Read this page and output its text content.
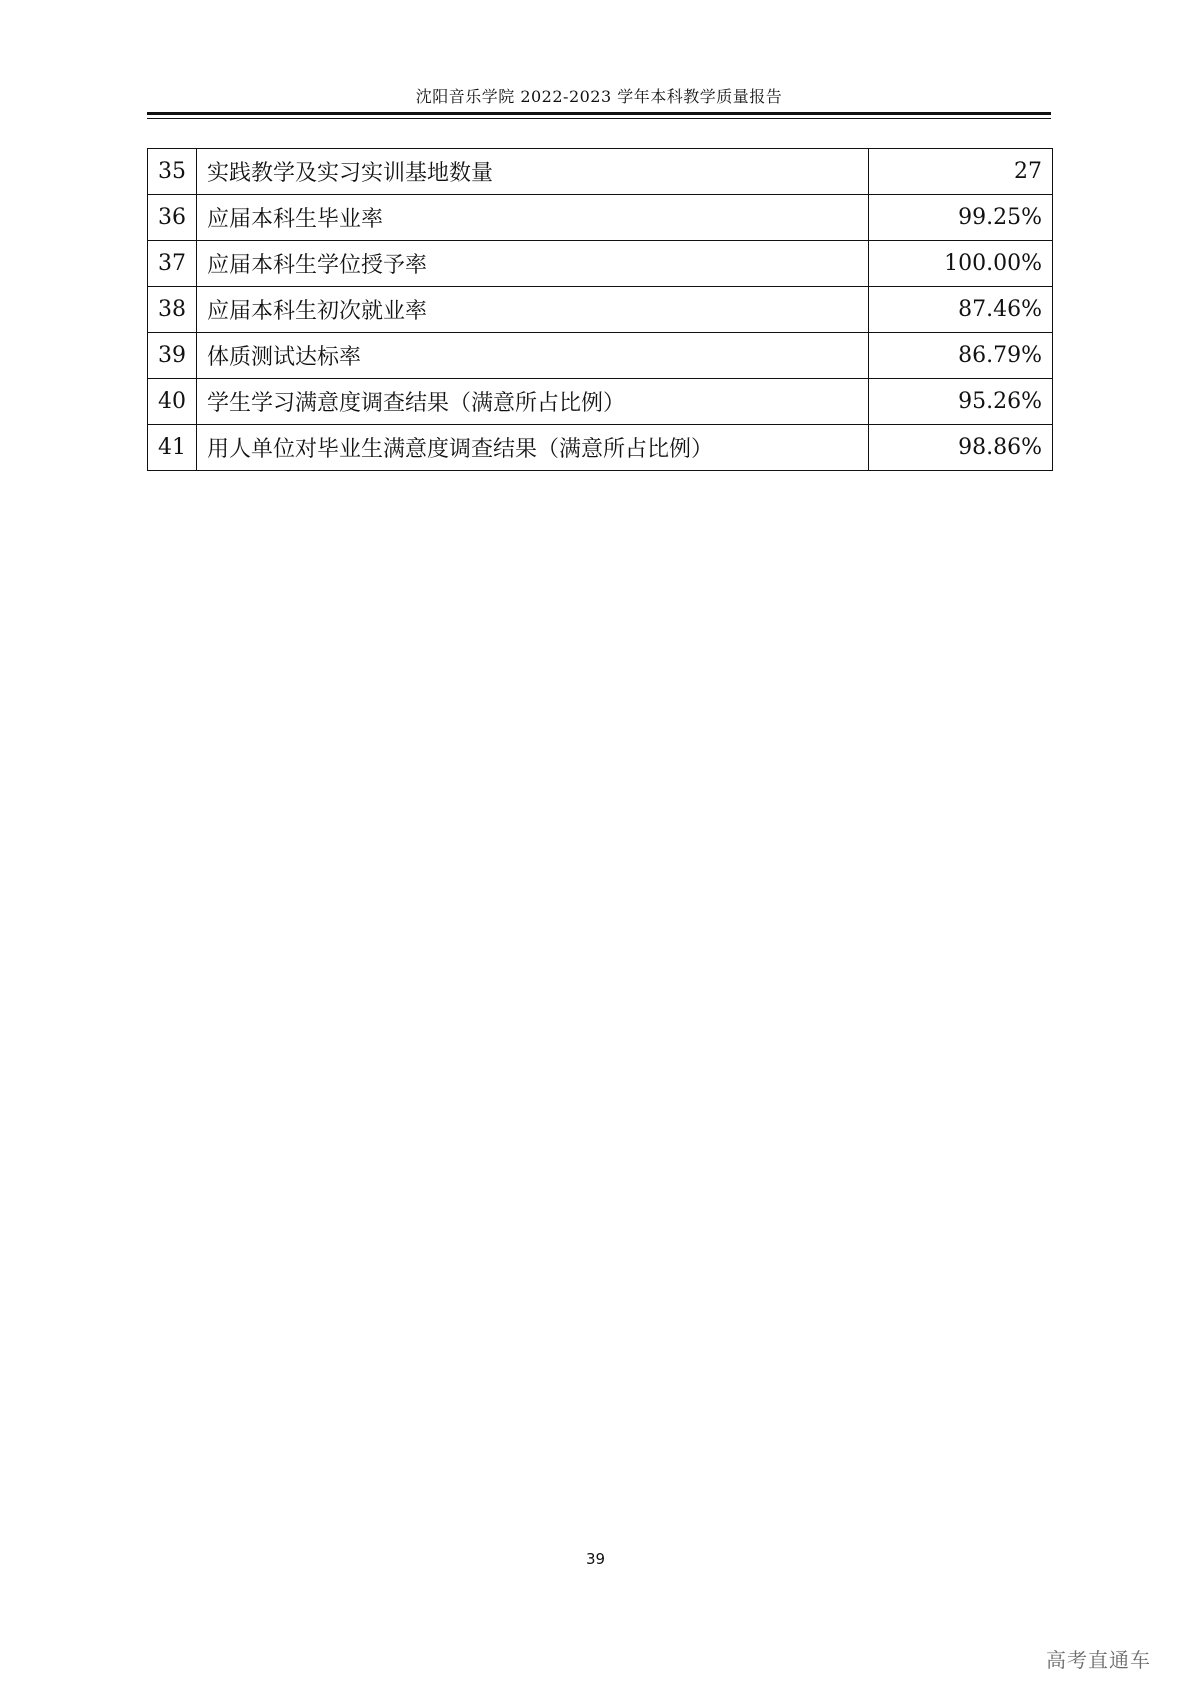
沈阳音乐学院 2022-2023 学年本科教学质量报告
35	实践教学及实习实训基地数量	27
36	应届本科生毕业率	99.25%
37	应届本科生学位授予率	100.00%
38	应届本科生初次就业率	87.46%
39	体质测试达标率	86.79%
40	学生学习满意度调查结果（满意所占比例）	95.26%
41	用人单位对毕业生满意度调查结果（满意所占比例）	98.86%
39
高考直通车
